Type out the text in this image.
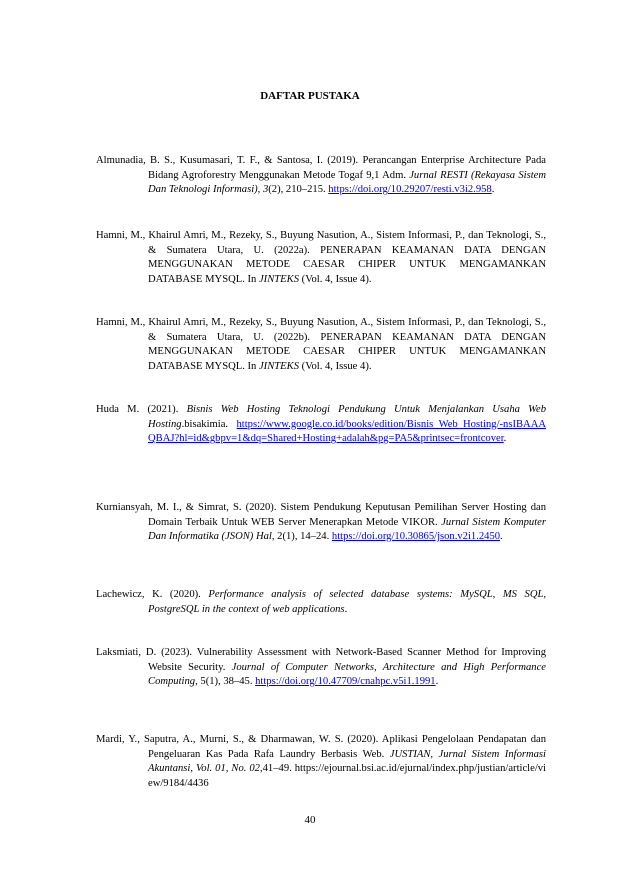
DAFTAR PUSTAKA

Almunadia, B. S., Kusumasari, T. F., & Santosa, I. (2019). Perancangan Enterprise Architecture Pada Bidang Agroforestry Menggunakan Metode Togaf 9,1 Adm. Jurnal RESTI (Rekayasa Sistem Dan Teknologi Informasi), 3(2), 210–215. https://doi.org/10.29207/resti.v3i2.958.

Hamni, M., Khairul Amri, M., Rezeky, S., Buyung Nasution, A., Sistem Informasi, P., dan Teknologi, S., & Sumatera Utara, U. (2022a). PENERAPAN KEAMANAN DATA DENGAN MENGGUNAKAN METODE CAESAR CHIPER UNTUK MENGAMANKAN DATABASE MYSQL. In JINTEKS (Vol. 4, Issue 4).

Hamni, M., Khairul Amri, M., Rezeky, S., Buyung Nasution, A., Sistem Informasi, P., dan Teknologi, S., & Sumatera Utara, U. (2022b). PENERAPAN KEAMANAN DATA DENGAN MENGGUNAKAN METODE CAESAR CHIPER UNTUK MENGAMANKAN DATABASE MYSQL. In JINTEKS (Vol. 4, Issue 4).

Huda M. (2021). Bisnis Web Hosting Teknologi Pendukung Untuk Menjalankan Usaha Web Hosting.bisakimia. https://www.google.co.id/books/edition/Bisnis_Web_Hosting/-nsIBAAAQBAJ?hl=id&gbpv=1&dq=Shared+Hosting+adalah&pg=PA5&printsec=frontcover.

Kurniansyah, M. I., & Simrat, S. (2020). Sistem Pendukung Keputusan Pemilihan Server Hosting dan Domain Terbaik Untuk WEB Server Menerapkan Metode VIKOR. Jurnal Sistem Komputer Dan Informatika (JSON) Hal, 2(1), 14–24. https://doi.org/10.30865/json.v2i1.2450.

Lachewicz, K. (2020). Performance analysis of selected database systems: MySQL, MS SQL, PostgreSQL in the context of web applications.

Laksmiati, D. (2023). Vulnerability Assessment with Network-Based Scanner Method for Improving Website Security. Journal of Computer Networks, Architecture and High Performance Computing, 5(1), 38–45. https://doi.org/10.47709/cnahpc.v5i1.1991.

Mardi, Y., Saputra, A., Murni, S., & Dharmawan, W. S. (2020). Aplikasi Pengelolaan Pendapatan dan Pengeluaran Kas Pada Rafa Laundry Berbasis Web. JUSTIAN, Jurnal Sistem Informasi Akuntansi, Vol. 01, No. 02,41–49. https://ejournal.bsi.ac.id/ejurnal/index.php/justian/article/view/9184/4436

40
